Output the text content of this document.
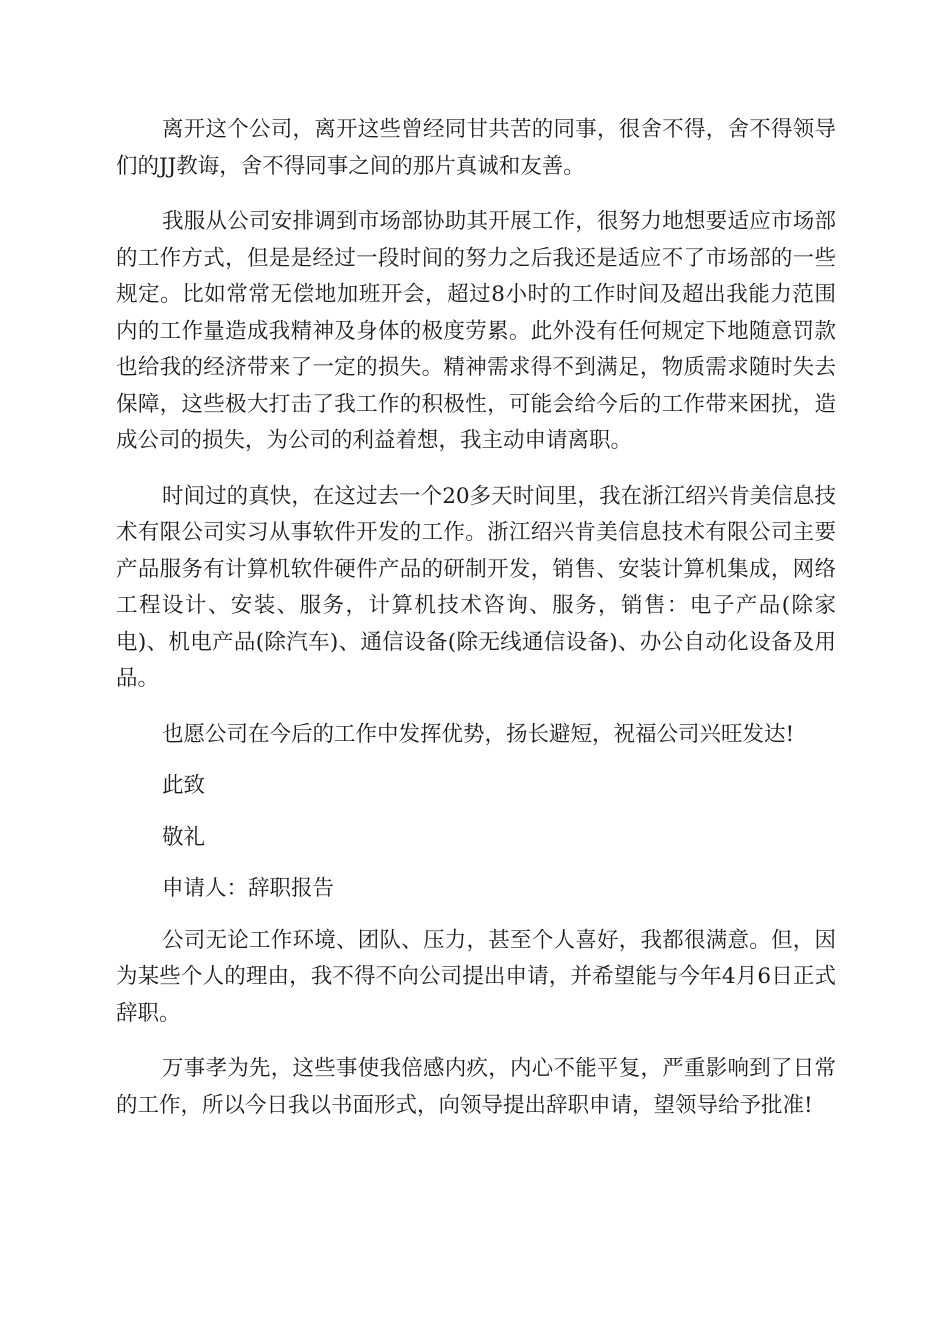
离开这个公司，离开这些曾经同甘共苦的同事，很舍不得，舍不得领导们的JJ教诲，舍不得同事之间的那片真诚和友善。

我服从公司安排调到市场部协助其开展工作，很努力地想要适应市场部的工作方式，但是是经过一段时间的努力之后我还是适应不了市场部的一些规定。比如常常无偿地加班开会，超过8小时的工作时间及超出我能力范围内的工作量造成我精神及身体的极度劳累。此外没有任何规定下地随意罚款也给我的经济带来了一定的损失。精神需求得不到满足，物质需求随时失去保障，这些极大打击了我工作的积极性，可能会给今后的工作带来困扰，造成公司的损失，为公司的利益着想，我主动申请离职。

时间过的真快，在这过去一个20多天时间里，我在浙江绍兴肯美信息技术有限公司实习从事软件开发的工作。浙江绍兴肯美信息技术有限公司主要产品服务有计算机软件硬件产品的研制开发，销售、安装计算机集成，网络工程设计、安装、服务，计算机技术咨询、服务，销售：电子产品(除家电)、机电产品(除汽车)、通信设备(除无线通信设备)、办公自动化设备及用品。

也愿公司在今后的工作中发挥优势，扬长避短，祝福公司兴旺发达!

此致

敬礼

申请人：辞职报告

公司无论工作环境、团队、压力，甚至个人喜好，我都很满意。但，因为某些个人的理由，我不得不向公司提出申请，并希望能与今年4月6日正式辞职。

万事孝为先，这些事使我倍感内疚，内心不能平复，严重影响到了日常的工作，所以今日我以书面形式，向领导提出辞职申请，望领导给予批准!
